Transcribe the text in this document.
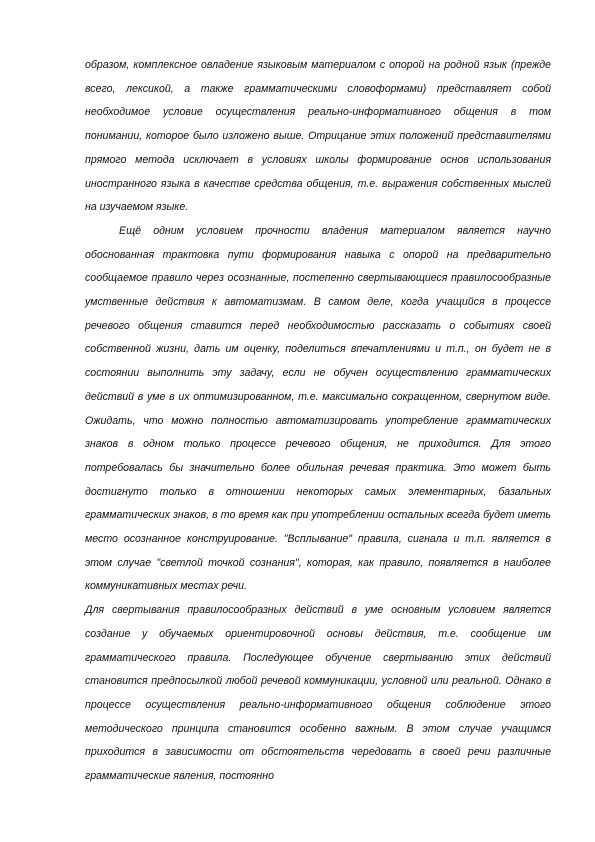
образом, комплексное овладение языковым материалом с опорой на родной язык (прежде всего, лексикой, а также грамматическими словоформами) представляет собой необходимое условие осуществления реально-информативного общения в том понимании, которое было изложено выше. Отрицание этих положений представителями прямого метода исключает в условиях школы формирование основ использования иностранного языка в качестве средства общения, т.е. выражения собственных мыслей на изучаемом языке.

Ещё одним условием прочности владения материалом является научно обоснованная трактовка пути формирования навыка с опорой на предварительно сообщаемое правило через осознанные, постепенно свертывающиеся правилосообразные умственные действия к автоматизмам. В самом деле, когда учащийся в процессе речевого общения ставится перед необходимостью рассказать о событиях своей собственной жизни, дать им оценку, поделиться впечатлениями и т.п., он будет не в состоянии выполнить эту задачу, если не обучен осуществлению грамматических действий в уме в их оптимизированном, т.е. максимально сокращенном, свернутом виде. Ожидать, что можно полностью автоматизировать употребление грамматических знаков в одном только процессе речевого общения, не приходится. Для этого потребовалась бы значительно более обильная речевая практика. Это может быть достигнуто только в отношении некоторых самых элементарных, базальных грамматических знаков, в то время как при употреблении остальных всегда будет иметь место осознанное конструирование. "Всплывание" правила, сигнала и т.п. является в этом случае "светлой точкой сознания", которая, как правило, появляется в наиболее коммуникативных местах речи.

Для свертывания правилосообразных действий в уме основным условием является создание у обучаемых ориентировочной основы действия, т.е. сообщение им грамматического правила. Последующее обучение свертыванию этих действий становится предпосылкой любой речевой коммуникации, условной или реальной. Однако в процессе осуществления реально-информативного общения соблюдение этого методического принципа становится особенно важным. В этом случае учащимся приходится в зависимости от обстоятельств чередовать в своей речи различные грамматические явления, постоянно
